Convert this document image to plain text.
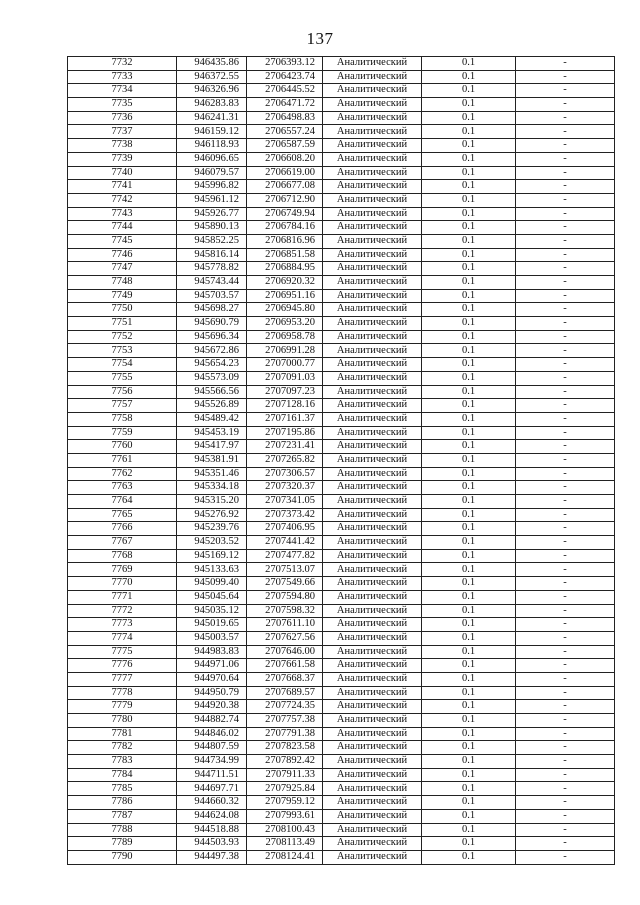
137
7732	946435.86	2706393.12	Аналитический	0.1	-
7733	946372.55	2706423.74	Аналитический	0.1	-
7734	946326.96	2706445.52	Аналитический	0.1	-
7735	946283.83	2706471.72	Аналитический	0.1	-
7736	946241.31	2706498.83	Аналитический	0.1	-
7737	946159.12	2706557.24	Аналитический	0.1	-
7738	946118.93	2706587.59	Аналитический	0.1	-
7739	946096.65	2706608.20	Аналитический	0.1	-
7740	946079.57	2706619.00	Аналитический	0.1	-
7741	945996.82	2706677.08	Аналитический	0.1	-
7742	945961.12	2706712.90	Аналитический	0.1	-
7743	945926.77	2706749.94	Аналитический	0.1	-
7744	945890.13	2706784.16	Аналитический	0.1	-
7745	945852.25	2706816.96	Аналитический	0.1	-
7746	945816.14	2706851.58	Аналитический	0.1	-
7747	945778.82	2706884.95	Аналитический	0.1	-
7748	945743.44	2706920.32	Аналитический	0.1	-
7749	945703.57	2706951.16	Аналитический	0.1	-
7750	945698.27	2706945.80	Аналитический	0.1	-
7751	945690.79	2706953.20	Аналитический	0.1	-
7752	945696.34	2706958.78	Аналитический	0.1	-
7753	945672.86	2706991.28	Аналитический	0.1	-
7754	945654.23	2707000.77	Аналитический	0.1	-
7755	945573.09	2707091.03	Аналитический	0.1	-
7756	945566.56	2707097.23	Аналитический	0.1	-
7757	945526.89	2707128.16	Аналитический	0.1	-
7758	945489.42	2707161.37	Аналитический	0.1	-
7759	945453.19	2707195.86	Аналитический	0.1	-
7760	945417.97	2707231.41	Аналитический	0.1	-
7761	945381.91	2707265.82	Аналитический	0.1	-
7762	945351.46	2707306.57	Аналитический	0.1	-
7763	945334.18	2707320.37	Аналитический	0.1	-
7764	945315.20	2707341.05	Аналитический	0.1	-
7765	945276.92	2707373.42	Аналитический	0.1	-
7766	945239.76	2707406.95	Аналитический	0.1	-
7767	945203.52	2707441.42	Аналитический	0.1	-
7768	945169.12	2707477.82	Аналитический	0.1	-
7769	945133.63	2707513.07	Аналитический	0.1	-
7770	945099.40	2707549.66	Аналитический	0.1	-
7771	945045.64	2707594.80	Аналитический	0.1	-
7772	945035.12	2707598.32	Аналитический	0.1	-
7773	945019.65	2707611.10	Аналитический	0.1	-
7774	945003.57	2707627.56	Аналитический	0.1	-
7775	944983.83	2707646.00	Аналитический	0.1	-
7776	944971.06	2707661.58	Аналитический	0.1	-
7777	944970.64	2707668.37	Аналитический	0.1	-
7778	944950.79	2707689.57	Аналитический	0.1	-
7779	944920.38	2707724.35	Аналитический	0.1	-
7780	944882.74	2707757.38	Аналитический	0.1	-
7781	944846.02	2707791.38	Аналитический	0.1	-
7782	944807.59	2707823.58	Аналитический	0.1	-
7783	944734.99	2707892.42	Аналитический	0.1	-
7784	944711.51	2707911.33	Аналитический	0.1	-
7785	944697.71	2707925.84	Аналитический	0.1	-
7786	944660.32	2707959.12	Аналитический	0.1	-
7787	944624.08	2707993.61	Аналитический	0.1	-
7788	944518.88	2708100.43	Аналитический	0.1	-
7789	944503.93	2708113.49	Аналитический	0.1	-
7790	944497.38	2708124.41	Аналитический	0.1	-
